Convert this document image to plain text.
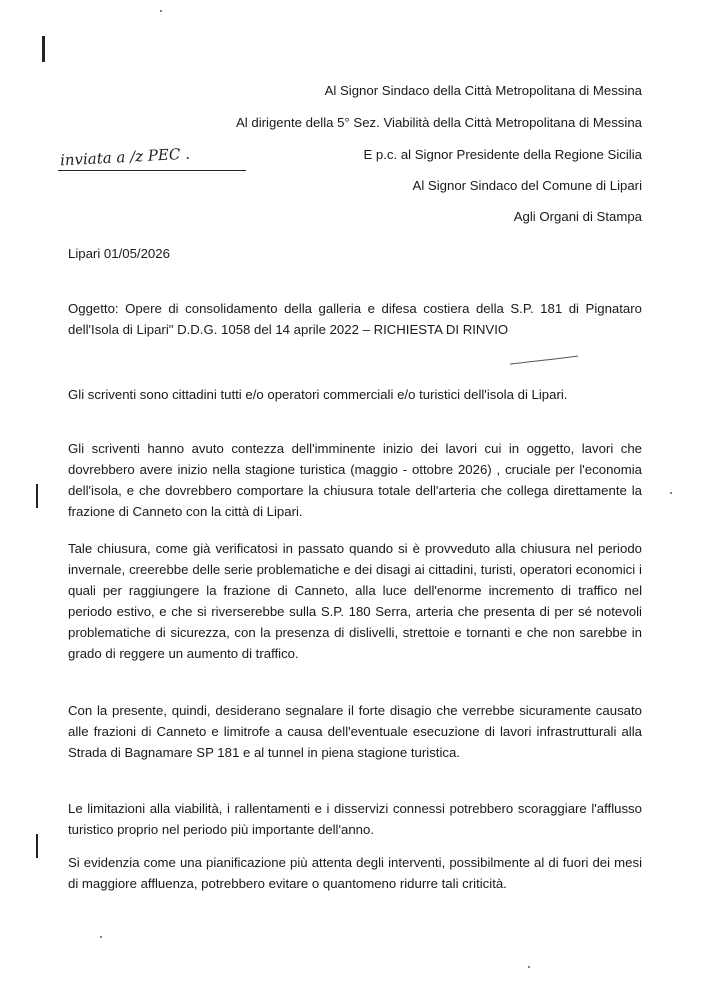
Al Signor Sindaco della Città Metropolitana di Messina
Al dirigente della 5° Sez. Viabilità della Città Metropolitana di Messina
E p.c. al Signor Presidente della Regione Sicilia
Al Signor Sindaco del Comune di Lipari
Agli Organi di Stampa
inviata a /z PEC .
Lipari 01/05/2026
Oggetto: Opere di consolidamento della galleria e difesa costiera della S.P. 181 di Pignataro dell'Isola di Lipari" D.D.G. 1058 del 14 aprile 2022 – RICHIESTA DI RINVIO
Gli scriventi sono cittadini tutti e/o operatori commerciali e/o turistici dell'isola di Lipari.
Gli scriventi hanno avuto contezza dell'imminente inizio dei lavori cui in oggetto, lavori che dovrebbero avere inizio nella stagione turistica (maggio - ottobre 2026) , cruciale per l'economia dell'isola, e che dovrebbero comportare la chiusura totale dell'arteria che collega direttamente la frazione di Canneto con la città di Lipari.
Tale chiusura, come già verificatosi in passato quando si è provveduto alla chiusura nel periodo invernale, creerebbe delle serie problematiche e dei disagi ai cittadini, turisti, operatori economici i quali per raggiungere la frazione di Canneto, alla luce dell'enorme incremento di traffico nel periodo estivo, e che si riverserebbe sulla S.P. 180 Serra, arteria che presenta di per sé notevoli problematiche di sicurezza, con la presenza di dislivelli, strettoie e tornanti e che non sarebbe in grado di reggere un aumento di traffico.
Con la presente, quindi, desiderano segnalare il forte disagio che verrebbe sicuramente causato alle frazioni di Canneto e limitrofe a causa dell'eventuale esecuzione di lavori infrastrutturali alla Strada di Bagnamare SP 181 e al tunnel in piena stagione turistica.
Le limitazioni alla viabilità, i rallentamenti e i disservizi connessi potrebbero scoraggiare l'afflusso turistico proprio nel periodo più importante dell'anno.
Si evidenzia come una pianificazione più attenta degli interventi, possibilmente al di fuori dei mesi di maggiore affluenza, potrebbero evitare o quantomeno ridurre tali criticità.
